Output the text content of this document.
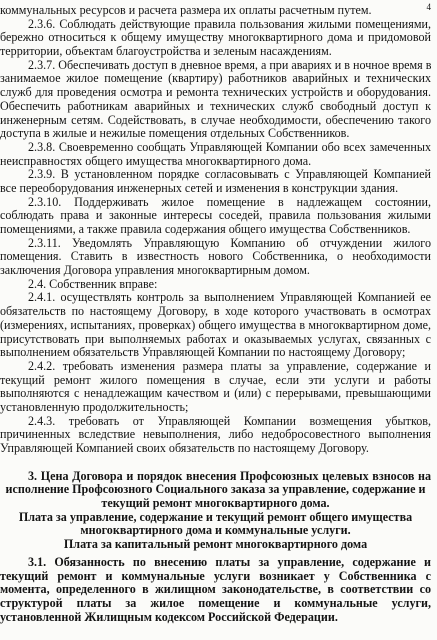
4
коммунальных ресурсов и расчета размера их оплаты расчетным путем.
2.3.6. Соблюдать действующие правила пользования жилыми помещениями,
бережно относиться к общему имуществу многоквартирного дома и придомовой
территории, объектам благоустройства и зеленым насаждениям.
2.3.7. Обеспечивать доступ в дневное время, а при авариях и в ночное время в
занимаемое жилое помещение (квартиру) работников аварийных и технических
служб для проведения осмотра и ремонта технических устройств и оборудования.
Обеспечить работникам аварийных и технических служб свободный доступ к
инженерным сетям. Содействовать, в случае необходимости, обеспечению такого
доступа в жилые и нежилые помещения отдельных Собственников.
2.3.8. Своевременно сообщать Управляющей Компании обо всех замеченных
неисправностях общего имущества многоквартирного дома.
2.3.9. В установленном порядке согласовывать с Управляющей Компанией
все переоборудования инженерных сетей и изменения в конструкции здания.
2.3.10. Поддерживать жилое помещение в надлежащем состоянии,
соблюдать права и законные интересы соседей, правила пользования жилыми
помещениями, а также правила содержания общего имущества Собственников.
2.3.11. Уведомлять Управляющую Компанию об отчуждении жилого
помещения. Ставить в известность нового Собственника, о необходимости
заключения Договора управления многоквартирным домом.
2.4. Собственник вправе:
2.4.1. осуществлять контроль за выполнением Управляющей Компанией ее
обязательств по настоящему Договору, в ходе которого участвовать в осмотрах
(измерениях, испытаниях, проверках) общего имущества в многоквартирном доме,
присутствовать при выполняемых работах и оказываемых услугах, связанных с
выполнением обязательств Управляющей Компании по настоящему Договору;
2.4.2. требовать изменения размера платы за управление, содержание и
текущий ремонт жилого помещения в случае, если эти услуги и работы
выполняются с ненадлежащим качеством и (или) с перерывами, превышающими
установленную продолжительность;
2.4.3. требовать от Управляющей Компании возмещения убытков,
причиненных вследствие невыполнения, либо недобросовестного выполнения
Управляющей Компанией своих обязательств по настоящему Договору.
3. Цена Договора и порядок внесения Профсоюзных целевых взносов на
исполнение Профсоюзного Социального заказа за управление, содержание и
текущий ремонт многоквартирного дома.
Плата за управление, содержание и текущий ремонт общего имущества
многоквартирного дома и коммунальные услуги.
Плата за капитальный ремонт многоквартирного дома
3.1. Обязанность по внесению платы за управление, содержание и
текущий ремонт и коммунальные услуги возникает у Собственника с
момента, определенного в жилищном законодательстве, в соответствии со
структурой платы за жилое помещение и коммунальные услуги,
установленной Жилищным кодексом Российской Федерации.
